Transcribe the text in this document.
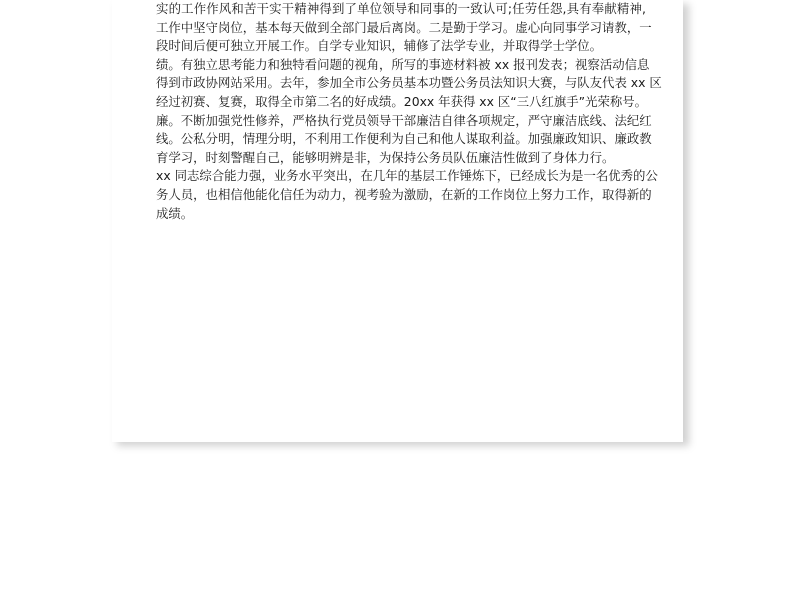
实的工作作风和苦干实干精神得到了单位领导和同事的一致认可;任劳任怨,具有奉献精神,
工作中坚守岗位，基本每天做到全部门最后离岗。二是勤于学习。虚心向同事学习请教，一
段时间后便可独立开展工作。自学专业知识，辅修了法学专业，并取得学士学位。
绩。有独立思考能力和独特看问题的视角，所写的事迹材料被 xx 报刊发表；视察活动信息
得到市政协网站采用。去年，参加全市公务员基本功暨公务员法知识大赛，与队友代表 xx 区
经过初赛、复赛，取得全市第二名的好成绩。20xx 年获得 xx 区“三八红旗手”光荣称号。
廉。不断加强党性修养，严格执行党员领导干部廉洁自律各项规定，严守廉洁底线、法纪红
线。公私分明，情理分明，不利用工作便利为自己和他人谋取利益。加强廉政知识、廉政教
育学习，时刻警醒自己，能够明辨是非，为保持公务员队伍廉洁性做到了身体力行。
xx 同志综合能力强，业务水平突出，在几年的基层工作锤炼下，已经成长为是一名优秀的公
务人员，也相信他能化信任为动力，视考验为激励，在新的工作岗位上努力工作，取得新的
成绩。
